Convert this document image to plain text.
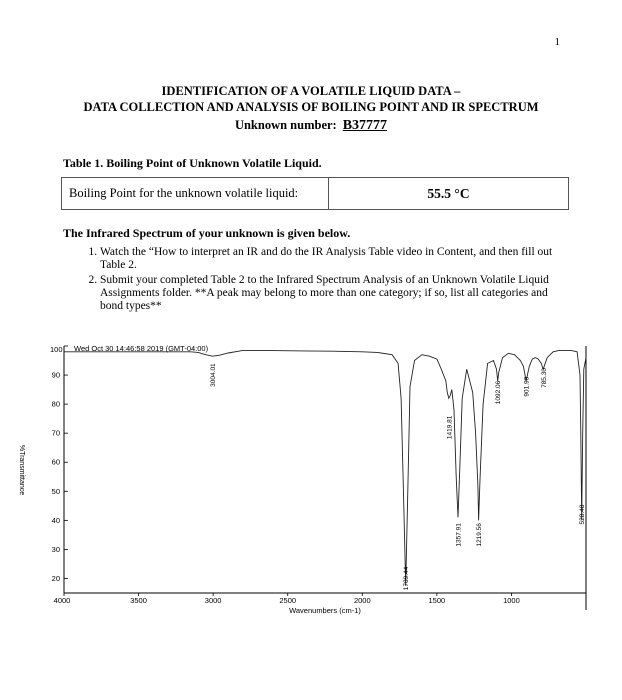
1
IDENTIFICATION OF A VOLATILE LIQUID DATA –
DATA COLLECTION AND ANALYSIS OF BOILING POINT AND IR SPECTRUM
Unknown number: B37777
Table 1. Boiling Point of Unknown Volatile Liquid.
Boiling Point for the unknown volatile liquid:	55.5 °C
The Infrared Spectrum of your unknown is given below.
1. Watch the “How to interpret an IR and do the IR Analysis Table video in Content, and then fill out Table 2.
2. Submit your completed Table 2 to the Infrared Spectrum Analysis of an Unknown Volatile Liquid Assignments folder. **A peak may belong to more than one category; if so, list all categories and bond types**
20
30
40
50
60
70
80
90
4000	3500	3000	2500	2000	1500	1000
100 Wed Oct 30 14:46:58 2019 (GMT-04:00)
%Transmittance
Wavenumbers (cm-1)
3004.01
1709.44
1419.81
1357.91 1219.56
1092.06	901.90 785.30
528.48
